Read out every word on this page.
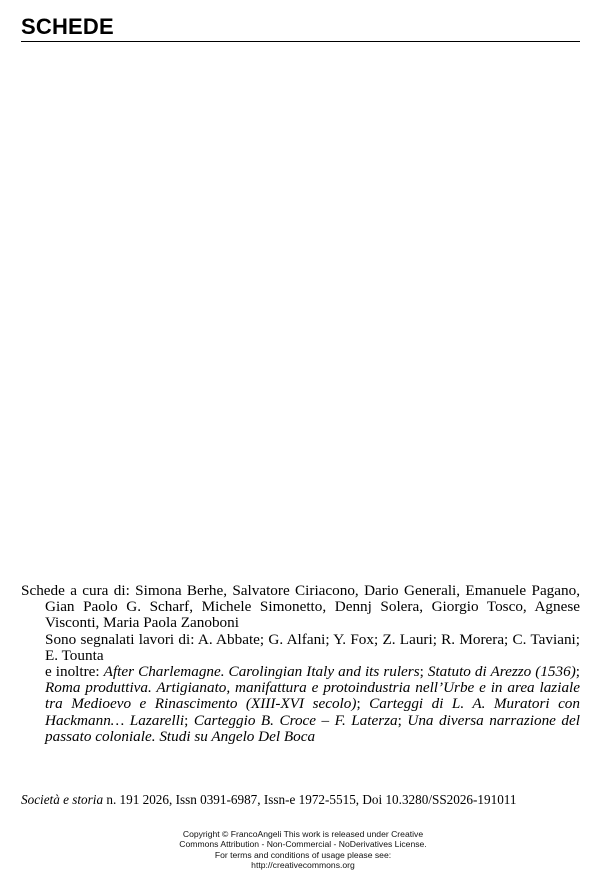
SCHEDE

Schede a cura di: Simona Berhe, Salvatore Ciriacono, Dario Generali, Emanuele Pagano, Gian Paolo G. Scharf, Michele Simonetto, Dennj Solera, Giorgio Tosco, Agnese Visconti, Maria Paola Zanoboni

Sono segnalati lavori di: A. Abbate; G. Alfani; Y. Fox; Z. Lauri; R. Morera; C. Taviani; E. Tounta

e inoltre: After Charlemagne. Carolingian Italy and its rulers; Statuto di Arezzo (1536); Roma produttiva. Artigianato, manifattura e protoindustria nell’Urbe e in area laziale tra Medioevo e Rinascimento (XIII-XVI secolo); Carteggi di L. A. Muratori con Hackmann… Lazarelli; Carteggio B. Croce – F. Laterza; Una diversa narrazione del passato coloniale. Studi su Angelo Del Boca

Società e storia n. 191 2026, Issn 0391-6987, Issn-e 1972-5515, Doi 10.3280/SS2026-191011
Copyright © FrancoAngeli This work is released under Creative
Commons Attribution - Non-Commercial - NoDerivatives License.
For terms and conditions of usage please see:
http://creativecommons.org
